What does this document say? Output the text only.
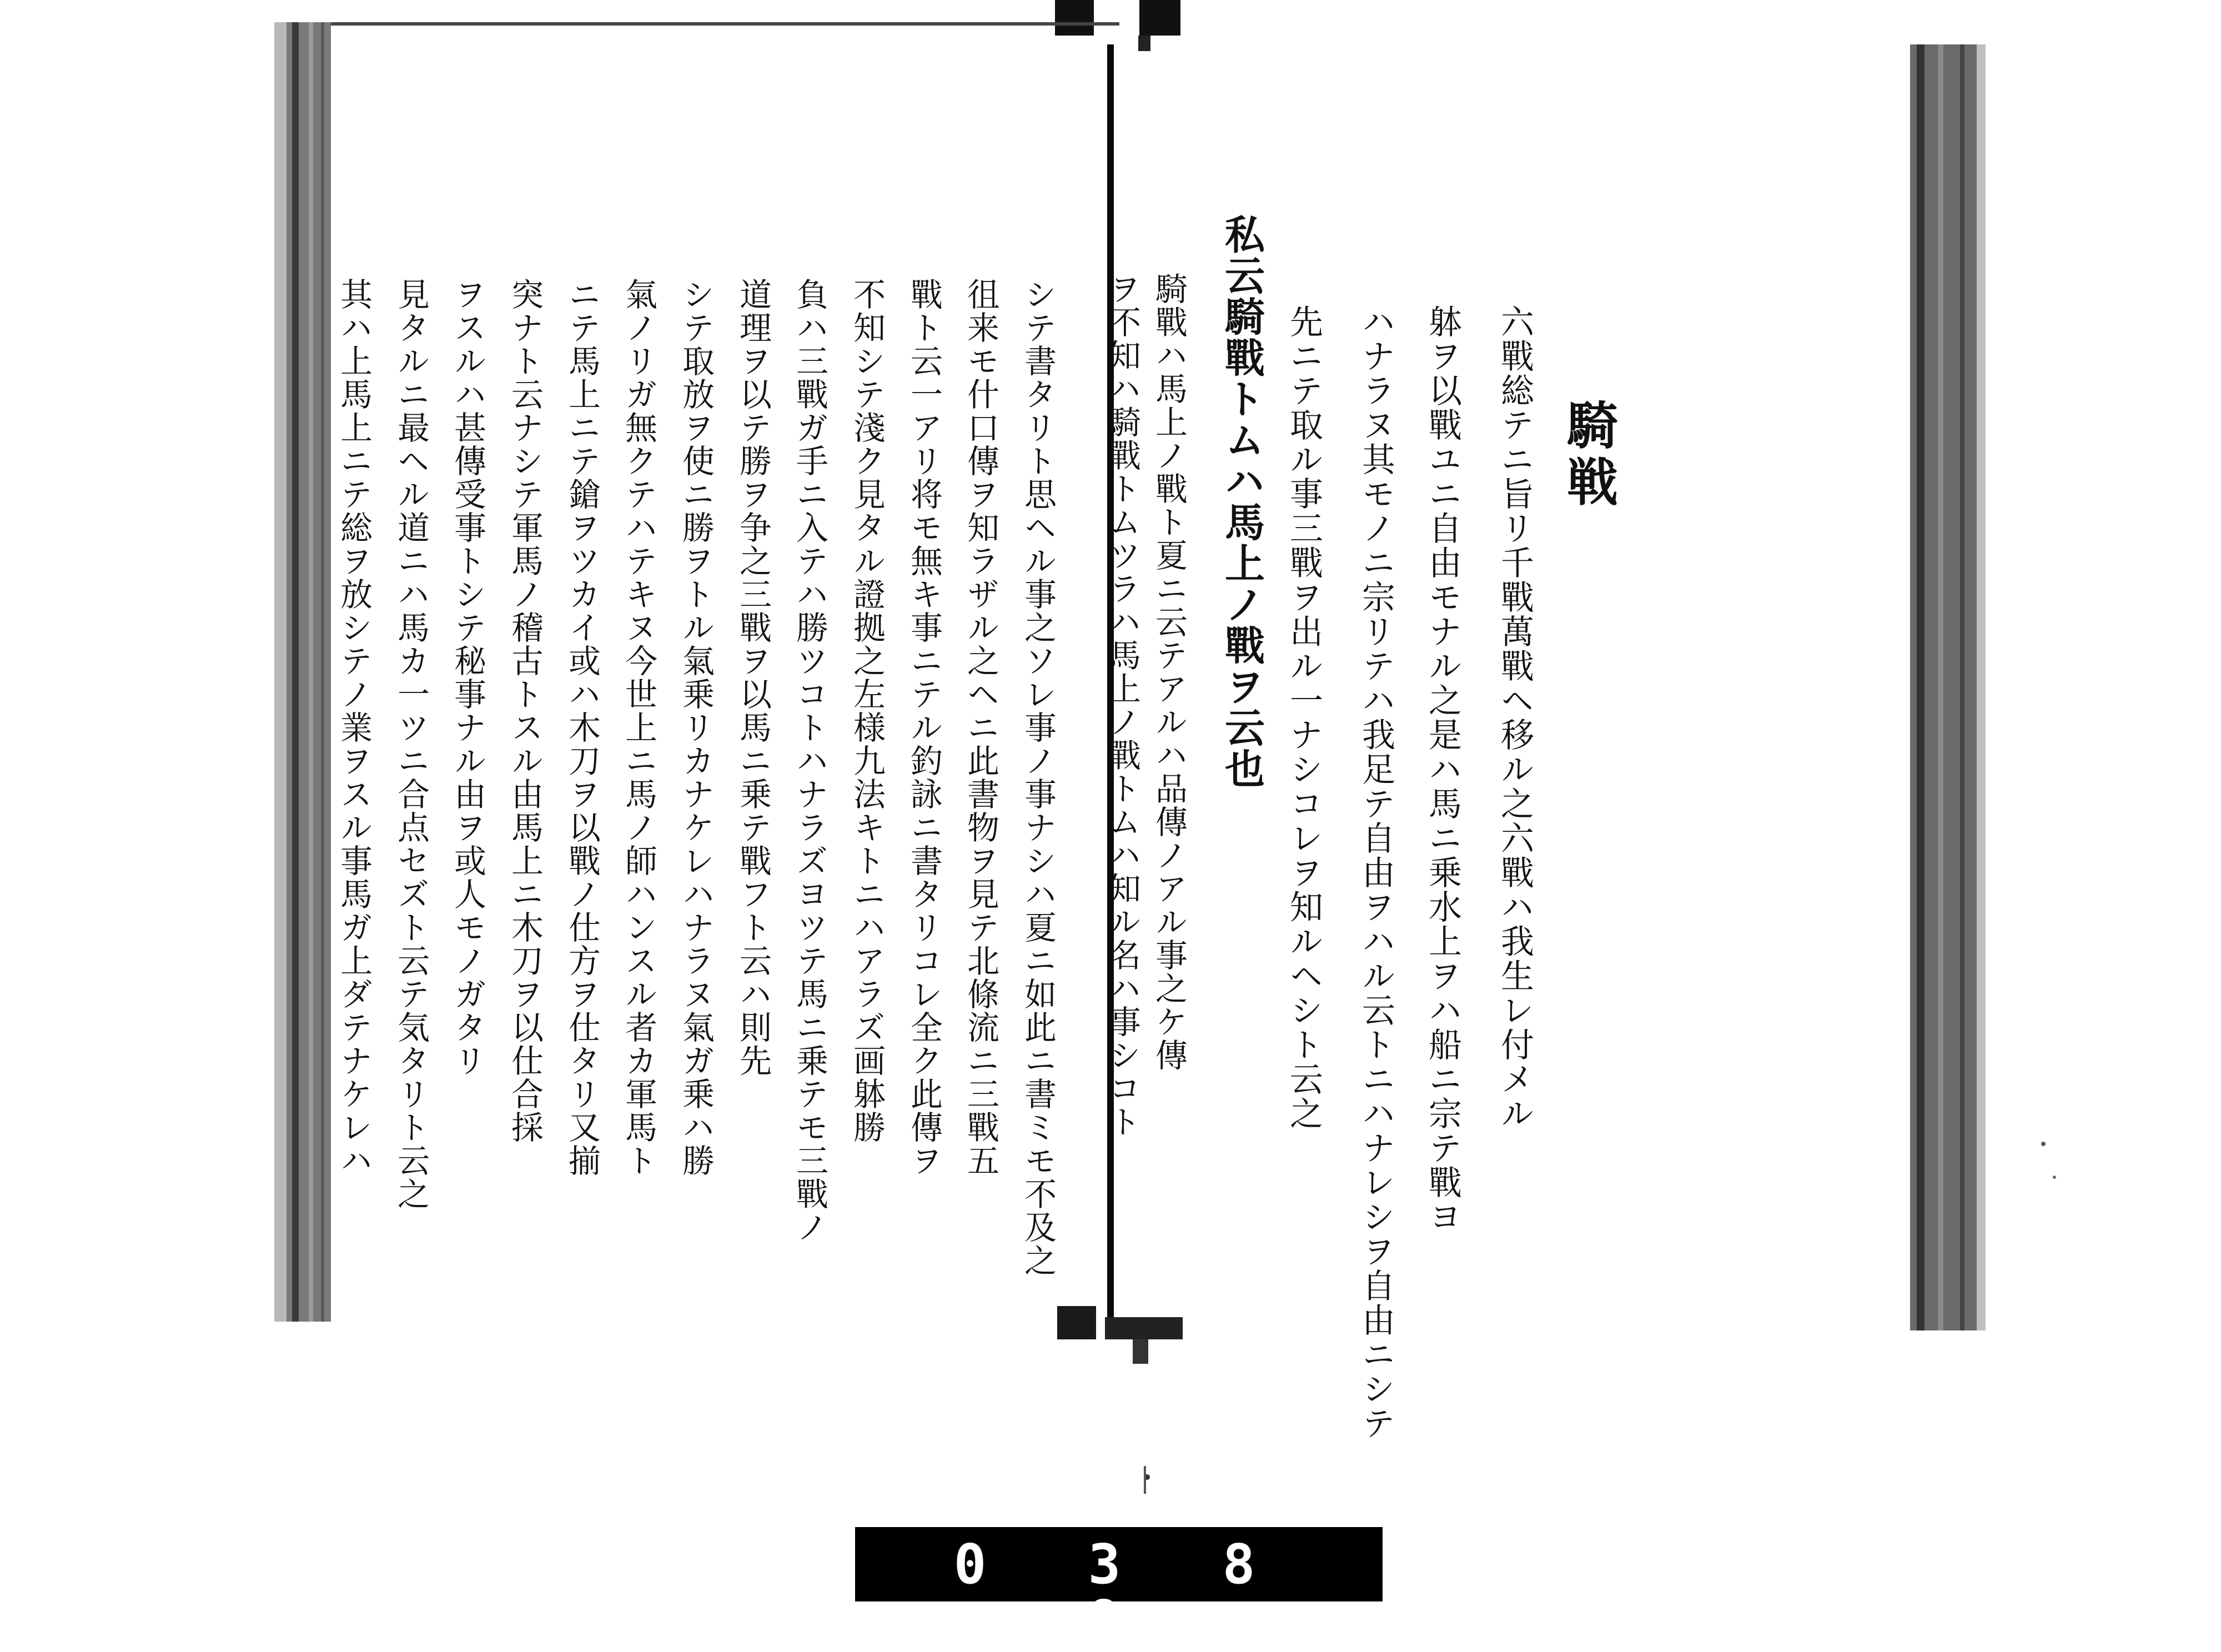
騎戦
六戰総テニ旨リ千戰萬戰ヘ移ル之六戰ハ我生レ付メル
躰ヲ以戰ユニ自由モナル之是ハ馬ニ乗水上ヲハ船ニ宗テ戰ヨ
ハナラヌ其モノニ宗リテハ我足テ自由ヲハル云トニハナレシヲ自由ニシテ
先ニテ取ル事三戰ヲ出ル一ナシコレヲ知ルヘシト云之
私云騎戰トムハ馬上ノ戰ヲ云也
騎戰ハ馬上ノ戰ト夏ニ云テアルハ品傳ノアル事之ケ傳
ヲ不知ハ騎戰トムツラハ馬上ノ戰トムハ知ル名ハ事シコト
シテ書タリト思ヘル事之ソレ事ノ事ナシハ夏ニ如此ニ書ミモ不及之
徂来モ什口傳ヲ知ラザル之ヘニ此書物ヲ見テ北條流ニ三戰五
戰ト云一アリ将モ無キ事ニテル釣詠ニ書タリコレ全ク此傳ヲ
不知シテ淺ク見タル證拠之左様九法キトニハアラズ画躰勝
負ハ三戰ガ手ニ入テハ勝ツコトハナラズヨツテ馬ニ乗テモ三戰ノ
道理ヲ以テ勝ヲ争之三戰ヲ以馬ニ乗テ戰フト云ハ則先
シテ取放ヲ使ニ勝ヲトル氣乗リカナケレハナラヌ氣ガ乗ハ勝
氣ノリガ無クテハテキヌ今世上ニ馬ノ師ハンスル者カ軍馬ト
ニテ馬上ニテ鎗ヲツカイ或ハ木刀ヲ以戰ノ仕方ヲ仕タリ又揃
突ナト云ナシテ軍馬ノ稽古トスル由馬上ニ木刀ヲ以仕合採
ヲスルハ甚傳受事トシテ秘事ナル由ヲ或人モノガタリ
見タルニ最ヘル道ニハ馬カ一ツニ合点セズト云テ気タリト云之
其ハ上馬上ニテ総ヲ放シテノ業ヲスル事馬ガ上ダテナケレハ
0 3 8 9
